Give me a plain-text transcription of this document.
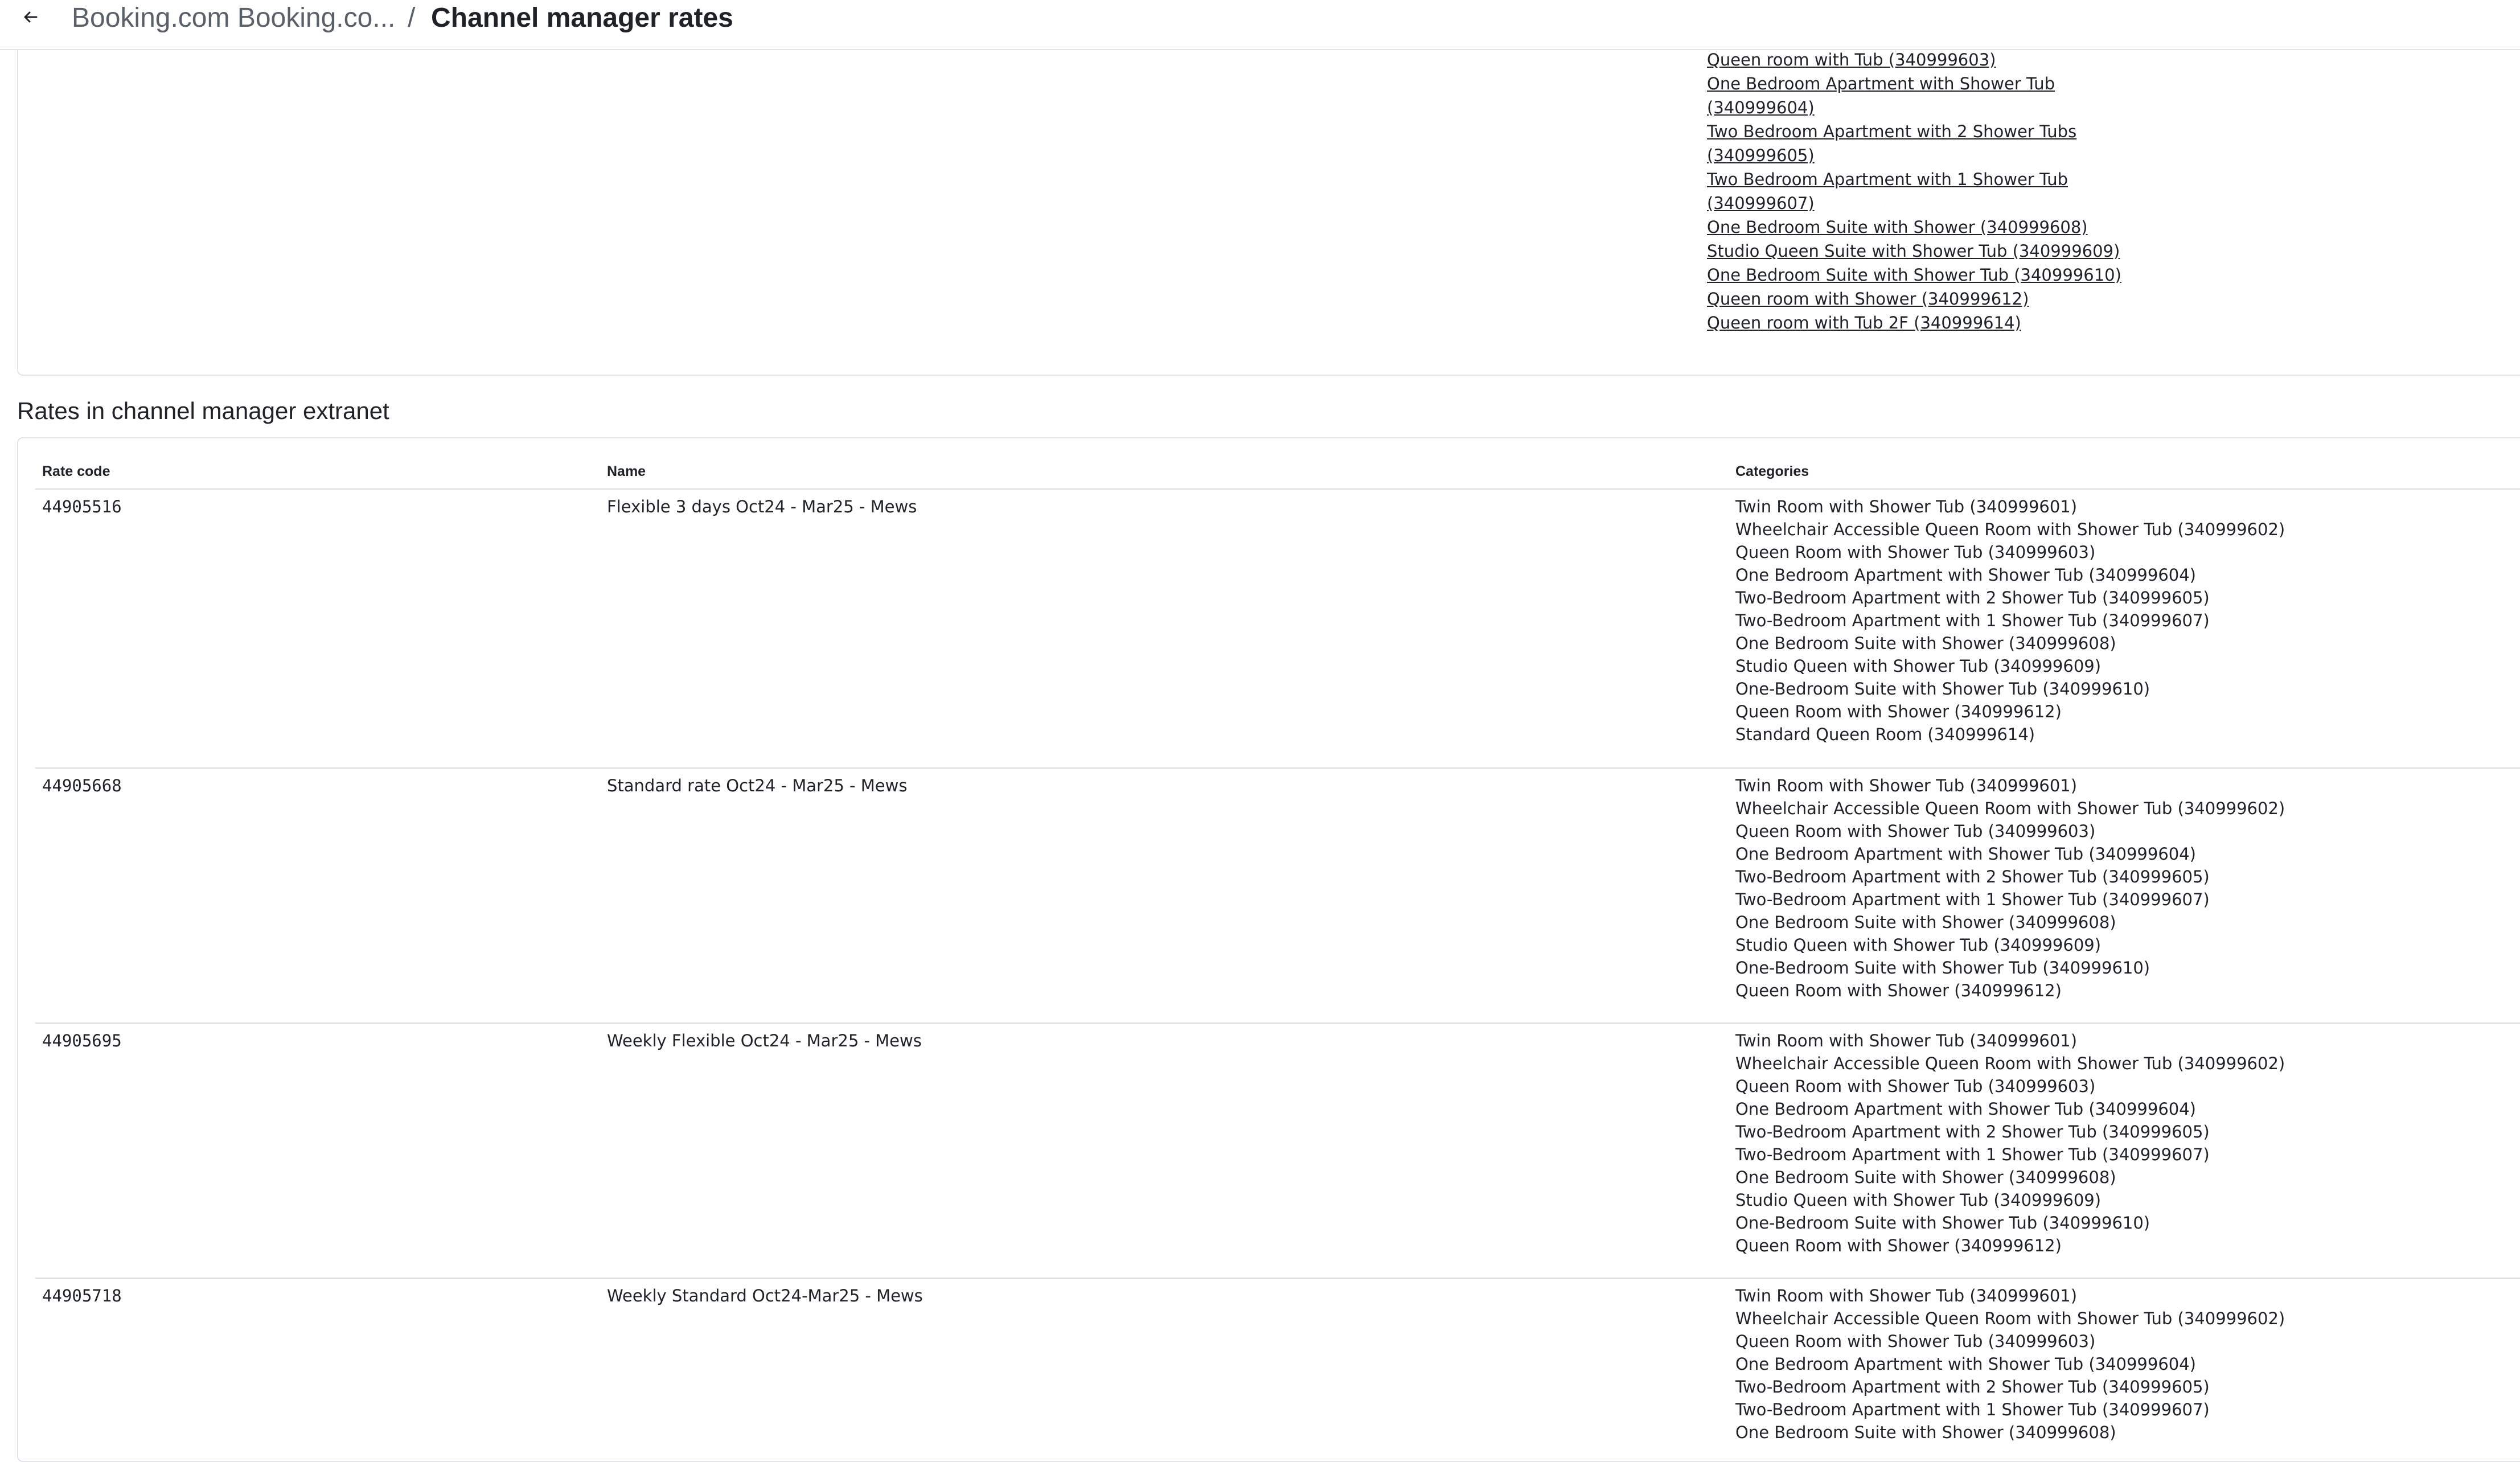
Booking.com Booking.co... / Channel manager rates
Queen room with Tub (340999603)
One Bedroom Apartment with Shower Tub
(340999604)
Two Bedroom Apartment with 2 Shower Tubs
(340999605)
Two Bedroom Apartment with 1 Shower Tub
(340999607)
One Bedroom Suite with Shower (340999608)
Studio Queen Suite with Shower Tub (340999609)
One Bedroom Suite with Shower Tub (340999610)
Queen room with Shower (340999612)
Queen room with Tub 2F (340999614)
Rates in channel manager extranet
Rate code	Name	Categories
44905516	Flexible 3 days Oct24 - Mar25 - Mews	Twin Room with Shower Tub (340999601)
Wheelchair Accessible Queen Room with Shower Tub (340999602)
Queen Room with Shower Tub (340999603)
One Bedroom Apartment with Shower Tub (340999604)
Two-Bedroom Apartment with 2 Shower Tub (340999605)
Two-Bedroom Apartment with 1 Shower Tub (340999607)
One Bedroom Suite with Shower (340999608)
Studio Queen with Shower Tub (340999609)
One-Bedroom Suite with Shower Tub (340999610)
Queen Room with Shower (340999612)
Standard Queen Room (340999614)
44905668	Standard rate Oct24 - Mar25 - Mews	Twin Room with Shower Tub (340999601)
Wheelchair Accessible Queen Room with Shower Tub (340999602)
Queen Room with Shower Tub (340999603)
One Bedroom Apartment with Shower Tub (340999604)
Two-Bedroom Apartment with 2 Shower Tub (340999605)
Two-Bedroom Apartment with 1 Shower Tub (340999607)
One Bedroom Suite with Shower (340999608)
Studio Queen with Shower Tub (340999609)
One-Bedroom Suite with Shower Tub (340999610)
Queen Room with Shower (340999612)
44905695	Weekly Flexible Oct24 - Mar25 - Mews	Twin Room with Shower Tub (340999601)
Wheelchair Accessible Queen Room with Shower Tub (340999602)
Queen Room with Shower Tub (340999603)
One Bedroom Apartment with Shower Tub (340999604)
Two-Bedroom Apartment with 2 Shower Tub (340999605)
Two-Bedroom Apartment with 1 Shower Tub (340999607)
One Bedroom Suite with Shower (340999608)
Studio Queen with Shower Tub (340999609)
One-Bedroom Suite with Shower Tub (340999610)
Queen Room with Shower (340999612)
44905718	Weekly Standard Oct24-Mar25 - Mews	Twin Room with Shower Tub (340999601)
Wheelchair Accessible Queen Room with Shower Tub (340999602)
Queen Room with Shower Tub (340999603)
One Bedroom Apartment with Shower Tub (340999604)
Two-Bedroom Apartment with 2 Shower Tub (340999605)
Two-Bedroom Apartment with 1 Shower Tub (340999607)
One Bedroom Suite with Shower (340999608)
